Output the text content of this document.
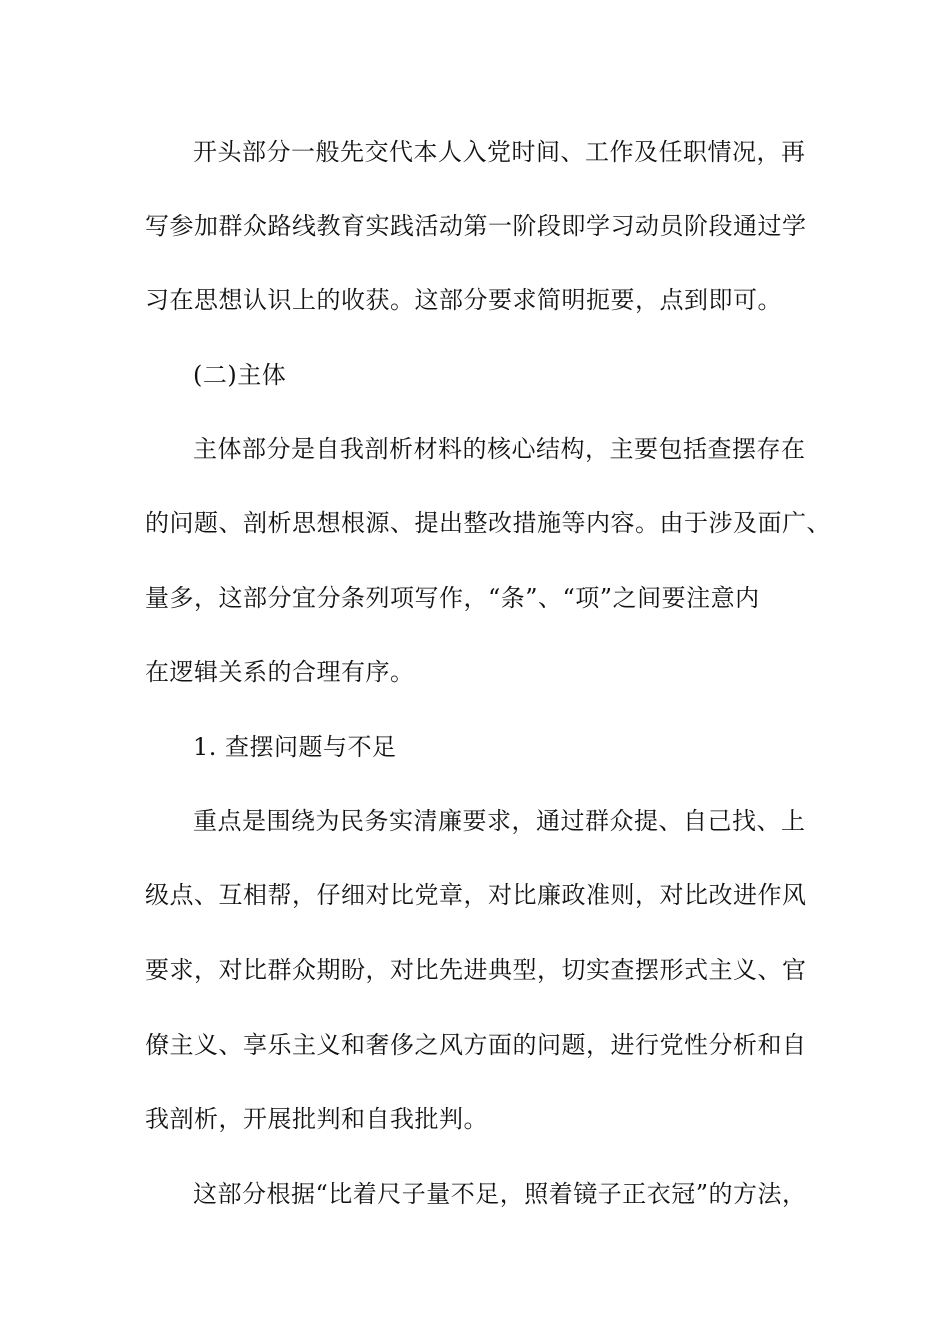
开头部分一般先交代本人入党时间、工作及任职情况，再
写参加群众路线教育实践活动第一阶段即学习动员阶段通过学
习在思想认识上的收获。这部分要求简明扼要，点到即可。
(二)主体
主体部分是自我剖析材料的核心结构，主要包括查摆存在
的问题、剖析思想根源、提出整改措施等内容。由于涉及面广、
量多，这部分宜分条列项写作，“条”、“项”之间要注意内
在逻辑关系的合理有序。
1. 查摆问题与不足
重点是围绕为民务实清廉要求，通过群众提、自己找、上
级点、互相帮，仔细对比党章，对比廉政准则，对比改进作风
要求，对比群众期盼，对比先进典型，切实查摆形式主义、官
僚主义、享乐主义和奢侈之风方面的问题，进行党性分析和自
我剖析，开展批判和自我批判。
这部分根据“比着尺子量不足，照着镜子正衣冠”的方法，
